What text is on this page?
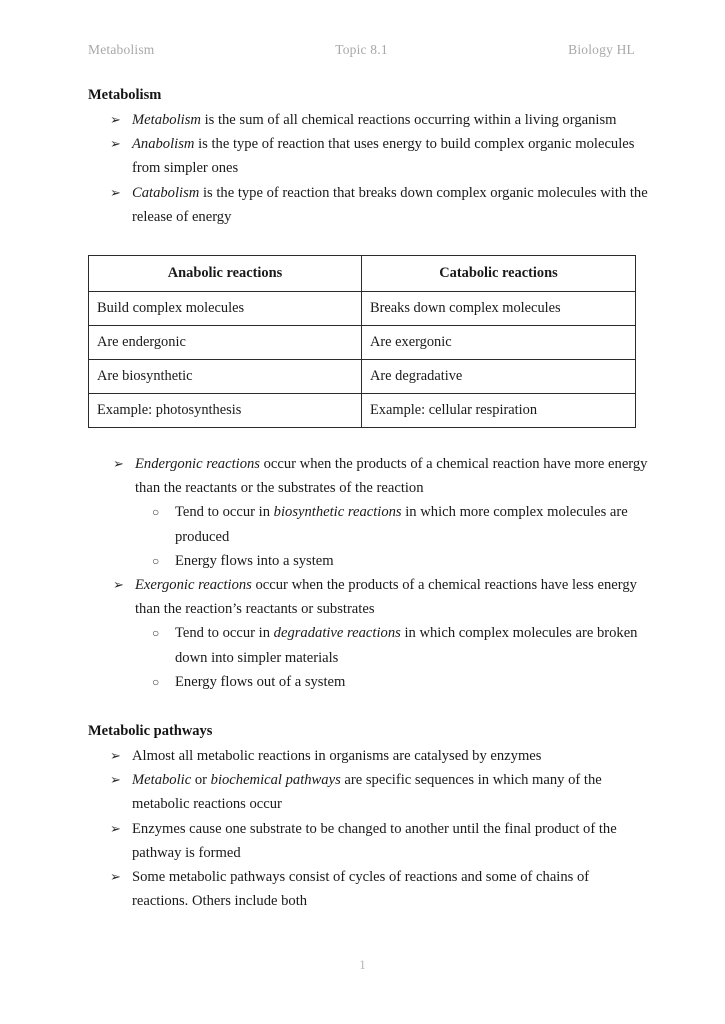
Metabolism	Topic 8.1	Biology HL
Metabolism
➢ Metabolism is the sum of all chemical reactions occurring within a living organism
➢ Anabolism is the type of reaction that uses energy to build complex organic molecules from simpler ones
➢ Catabolism is the type of reaction that breaks down complex organic molecules with the release of energy
Anabolic reactions	Catabolic reactions
Build complex molecules	Breaks down complex molecules
Are endergonic	Are exergonic
Are biosynthetic	Are degradative
Example: photosynthesis	Example: cellular respiration
➢ Endergonic reactions occur when the products of a chemical reaction have more energy than the reactants or the substrates of the reaction
○ Tend to occur in biosynthetic reactions in which more complex molecules are produced
○ Energy flows into a system
➢ Exergonic reactions occur when the products of a chemical reactions have less energy than the reaction’s reactants or substrates
○ Tend to occur in degradative reactions in which complex molecules are broken down into simpler materials
○ Energy flows out of a system
Metabolic pathways
➢ Almost all metabolic reactions in organisms are catalysed by enzymes
➢ Metabolic or biochemical pathways are specific sequences in which many of the metabolic reactions occur
➢ Enzymes cause one substrate to be changed to another until the final product of the pathway is formed
➢ Some metabolic pathways consist of cycles of reactions and some of chains of reactions. Others include both
1
